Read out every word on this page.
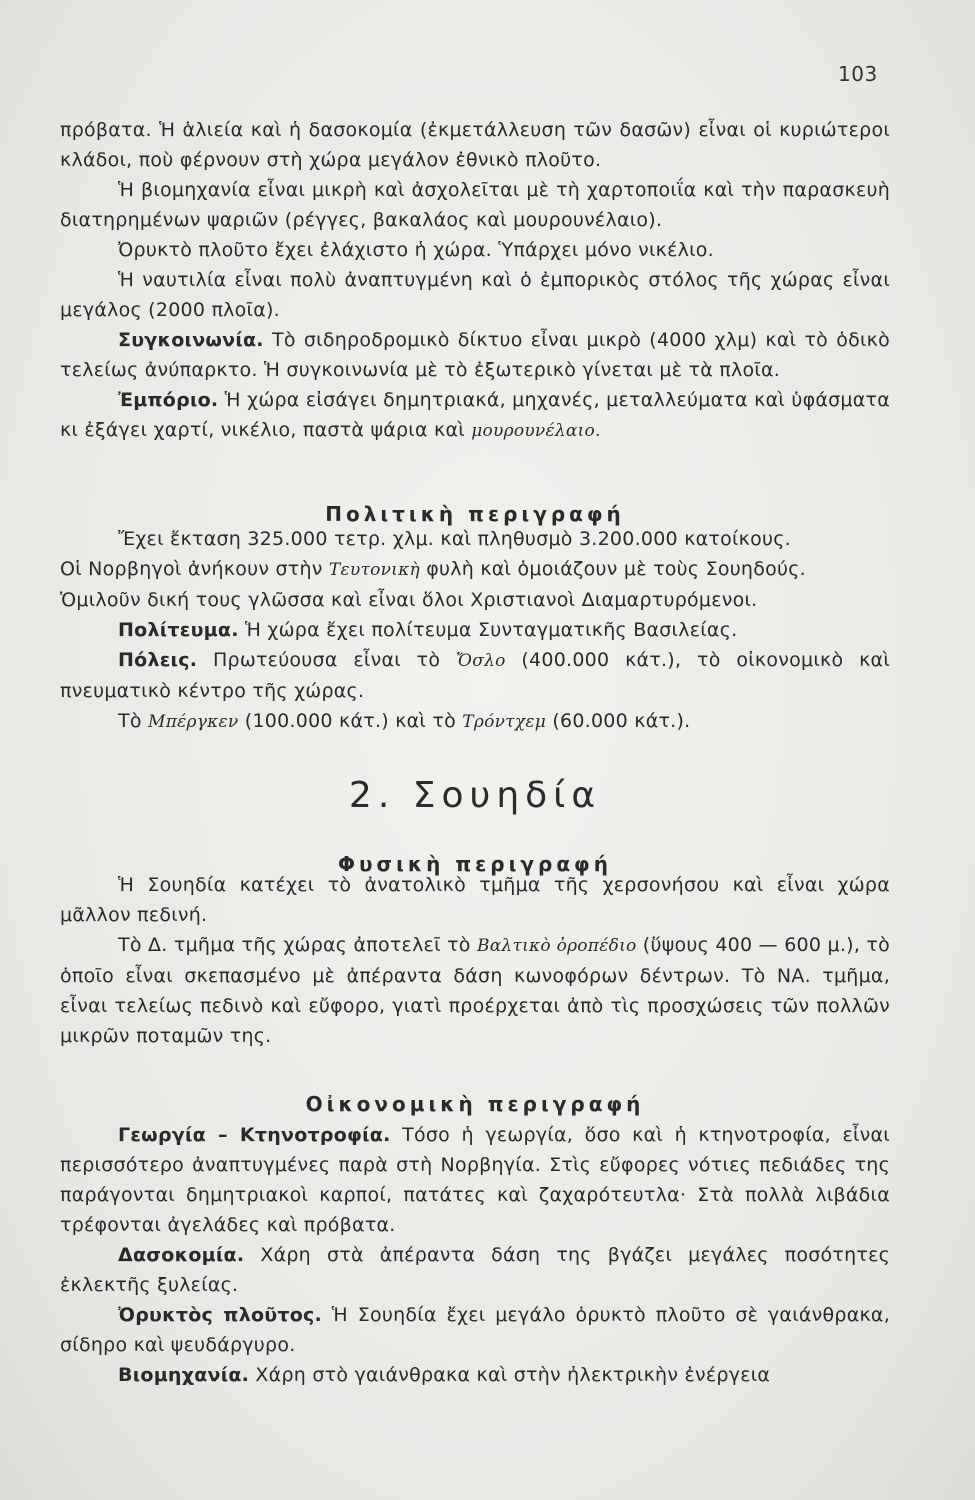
103

πρόβατα. Ἡ ἁλιεία καὶ ἡ δασοκομία (ἐκμετάλλευση τῶν δασῶν) εἶναι οἱ κυριώτεροι κλάδοι, ποὺ φέρνουν στὴ χώρα μεγάλον ἐθνικὸ πλοῦτο.

Ἡ βιομηχανία εἶναι μικρὴ καὶ ἀσχολεῖται μὲ τὴ χαρτοποιΐα καὶ τὴν παρασκευὴ διατηρημένων ψαριῶν (ρέγγες, βακαλάος καὶ μουρουνέλαιο).

Ὀρυκτὸ πλοῦτο ἔχει ἐλάχιστο ἡ χώρα. Ὑπάρχει μόνο νικέλιο.

Ἡ ναυτιλία εἶναι πολὺ ἀναπτυγμένη καὶ ὁ ἐμπορικὸς στόλος τῆς χώρας εἶναι μεγάλος (2000 πλοῖα).

Συγκοινωνία. Τὸ σιδηροδρομικὸ δίκτυο εἶναι μικρὸ (4000 χλμ) καὶ τὸ ὁδικὸ τελείως ἀνύπαρκτο. Ἡ συγκοινωνία μὲ τὸ ἐξωτερικὸ γίνεται μὲ τὰ πλοῖα.

Ἐμπόριο. Ἡ χώρα εἰσάγει δημητριακά, μηχανές, μεταλλεύματα καὶ ὑφάσματα κι ἐξάγει χαρτί, νικέλιο, παστὰ ψάρια καὶ μουρουνέλαιο.

Πολιτικὴ περιγραφή

Ἔχει ἔκταση 325.000 τετρ. χλμ. καὶ πληθυσμὸ 3.200.000 κατοίκους.

Οἱ Νορβηγοὶ ἀνήκουν στὴν Τευτονικὴ φυλὴ καὶ ὁμοιάζουν μὲ τοὺς Σουηδούς.

Ὁμιλοῦν δική τους γλῶσσα καὶ εἶναι ὅλοι Χριστιανοὶ Διαμαρτυρόμενοι.

Πολίτευμα. Ἡ χώρα ἔχει πολίτευμα Συνταγματικῆς Βασιλείας.

Πόλεις. Πρωτεύουσα εἶναι τὸ Ὄσλο (400.000 κάτ.), τὸ οἰκονομικὸ καὶ πνευματικὸ κέντρο τῆς χώρας.

Τὸ Μπέργκεν (100.000 κάτ.) καὶ τὸ Τρόντχεμ (60.000 κάτ.).

2. Σουηδία
Φυσικὴ περιγραφή

Ἡ Σουηδία κατέχει τὸ ἀνατολικὸ τμῆμα τῆς χερσονήσου καὶ εἶναι χώρα μᾶλλον πεδινή.

Τὸ Δ. τμῆμα τῆς χώρας ἀποτελεῖ τὸ Βαλτικὸ ὀροπέδιο (ὕψους 400 — 600 μ.), τὸ ὁποῖο εἶναι σκεπασμένο μὲ ἀπέραντα δάση κωνοφόρων δέντρων. Τὸ ΝΑ. τμῆμα, εἶναι τελείως πεδινὸ καὶ εὔφορο, γιατὶ προέρχεται ἀπὸ τὶς προσχώσεις τῶν πολλῶν μικρῶν ποταμῶν της.

Οἰκονομικὴ περιγραφή

Γεωργία – Κτηνοτροφία. Τόσο ἡ γεωργία, ὅσο καὶ ἡ κτηνοτροφία, εἶναι περισσότερο ἀναπτυγμένες παρὰ στὴ Νορβηγία. Στὶς εὔφορες νότιες πεδιάδες της παράγονται δημητριακοὶ καρποί, πατάτες καὶ ζαχαρότευτλα· Στὰ πολλὰ λιβάδια τρέφονται ἀγελάδες καὶ πρόβατα.

Δασοκομία. Χάρη στὰ ἀπέραντα δάση της βγάζει μεγάλες ποσότητες ἐκλεκτῆς ξυλείας.

Ὀρυκτὸς πλοῦτος. Ἡ Σουηδία ἔχει μεγάλο ὀρυκτὸ πλοῦτο σὲ γαιάνθρακα, σίδηρο καὶ ψευδάργυρο.

Βιομηχανία. Χάρη στὸ γαιάνθρακα καὶ στὴν ἠλεκτρικὴν ἐνέργεια
